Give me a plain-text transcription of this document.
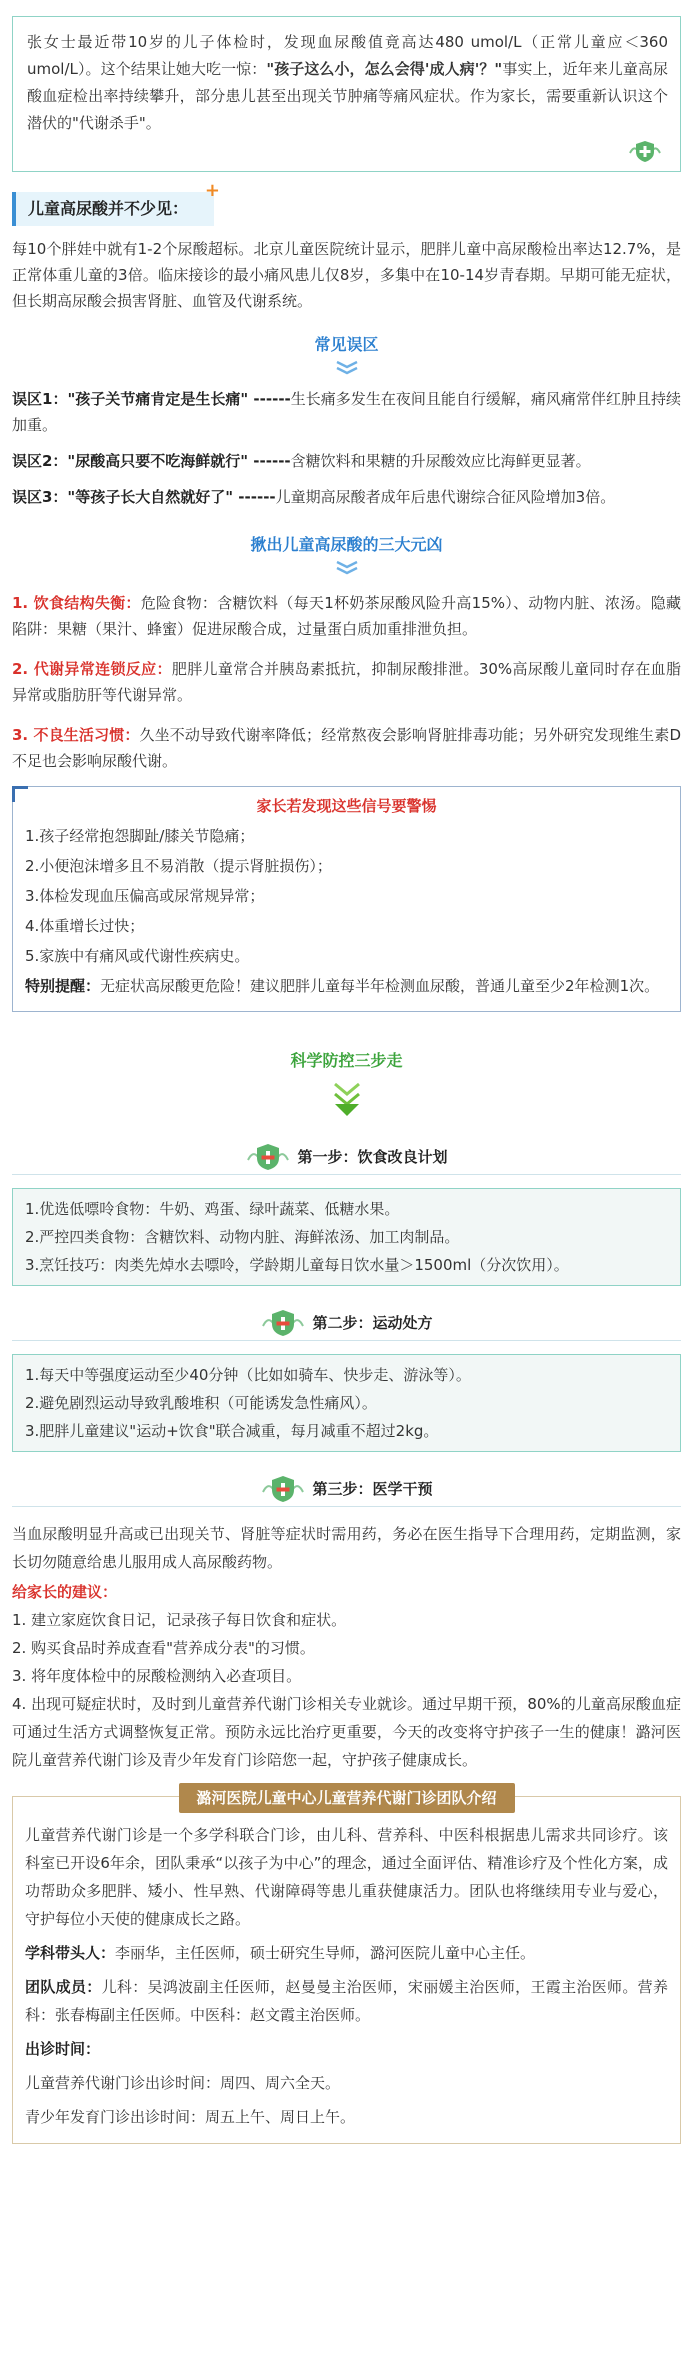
张女士最近带10岁的儿子体检时，发现血尿酸值竟高达480 umol/L（正常儿童应＜360 umol/L）。这个结果让她大吃一惊："孩子这么小，怎么会得'成人病'？"事实上，近年来儿童高尿酸血症检出率持续攀升，部分患儿甚至出现关节肿痛等痛风症状。作为家长，需要重新认识这个潜伏的"代谢杀手"。
儿童高尿酸并不少见：
+

每10个胖娃中就有1-2个尿酸超标。北京儿童医院统计显示，肥胖儿童中高尿酸检出率达12.7%，是正常体重儿童的3倍。临床接诊的最小痛风患儿仅8岁，多集中在10-14岁青春期。早期可能无症状，但长期高尿酸会损害肾脏、血管及代谢系统。

常见误区

误区1："孩子关节痛肯定是生长痛" ------生长痛多发生在夜间且能自行缓解，痛风痛常伴红肿且持续加重。

误区2："尿酸高只要不吃海鲜就行" ------含糖饮料和果糖的升尿酸效应比海鲜更显著。

误区3："等孩子长大自然就好了" ------儿童期高尿酸者成年后患代谢综合征风险增加3倍。

揪出儿童高尿酸的三大元凶

1. 饮食结构失衡：危险食物：含糖饮料（每天1杯奶茶尿酸风险升高15%）、动物内脏、浓汤。隐藏陷阱：果糖（果汁、蜂蜜）促进尿酸合成，过量蛋白质加重排泄负担。

2. 代谢异常连锁反应：肥胖儿童常合并胰岛素抵抗，抑制尿酸排泄。30%高尿酸儿童同时存在血脂异常或脂肪肝等代谢异常。

3. 不良生活习惯：久坐不动导致代谢率降低；经常熬夜会影响肾脏排毒功能；另外研究发现维生素D不足也会影响尿酸代谢。

家长若发现这些信号要警惕
1.孩子经常抱怨脚趾/膝关节隐痛；
2.小便泡沫增多且不易消散（提示肾脏损伤）；
3.体检发现血压偏高或尿常规异常；
4.体重增长过快；
5.家族中有痛风或代谢性疾病史。
特别提醒：无症状高尿酸更危险！建议肥胖儿童每半年检测血尿酸，普通儿童至少2年检测1次。
科学防控三步走
第一步：饮食改良计划
1.优选低嘌呤食物：牛奶、鸡蛋、绿叶蔬菜、低糖水果。
2.严控四类食物：含糖饮料、动物内脏、海鲜浓汤、加工肉制品。
3.烹饪技巧：肉类先焯水去嘌呤，学龄期儿童每日饮水量＞1500ml（分次饮用）。
第二步：运动处方
1.每天中等强度运动至少40分钟（比如如骑车、快步走、游泳等）。
2.避免剧烈运动导致乳酸堆积（可能诱发急性痛风）。
3.肥胖儿童建议"运动+饮食"联合减重，每月减重不超过2kg。
第三步：医学干预
当血尿酸明显升高或已出现关节、肾脏等症状时需用药，务必在医生指导下合理用药，定期监测，家长切勿随意给患儿服用成人高尿酸药物。
给家长的建议：
1. 建立家庭饮食日记，记录孩子每日饮食和症状。
2. 购买食品时养成查看"营养成分表"的习惯。
3. 将年度体检中的尿酸检测纳入必查项目。
4. 出现可疑症状时，及时到儿童营养代谢门诊相关专业就诊。通过早期干预，80%的儿童高尿酸血症可通过生活方式调整恢复正常。预防永远比治疗更重要，今天的改变将守护孩子一生的健康！潞河医院儿童营养代谢门诊及青少年发育门诊陪您一起，守护孩子健康成长。
潞河医院儿童中心儿童营养代谢门诊团队介绍

儿童营养代谢门诊是一个多学科联合门诊，由儿科、营养科、中医科根据患儿需求共同诊疗。该科室已开设6年余，团队秉承“以孩子为中心”的理念，通过全面评估、精准诊疗及个性化方案，成功帮助众多肥胖、矮小、性早熟、代谢障碍等患儿重获健康活力。团队也将继续用专业与爱心，守护每位小天使的健康成长之路。

学科带头人：李丽华，主任医师，硕士研究生导师，潞河医院儿童中心主任。

团队成员：儿科：吴鸿波副主任医师，赵曼曼主治医师，宋丽媛主治医师，王霞主治医师。营养科：张春梅副主任医师。中医科：赵文霞主治医师。

出诊时间：

儿童营养代谢门诊出诊时间：周四、周六全天。

青少年发育门诊出诊时间：周五上午、周日上午。
